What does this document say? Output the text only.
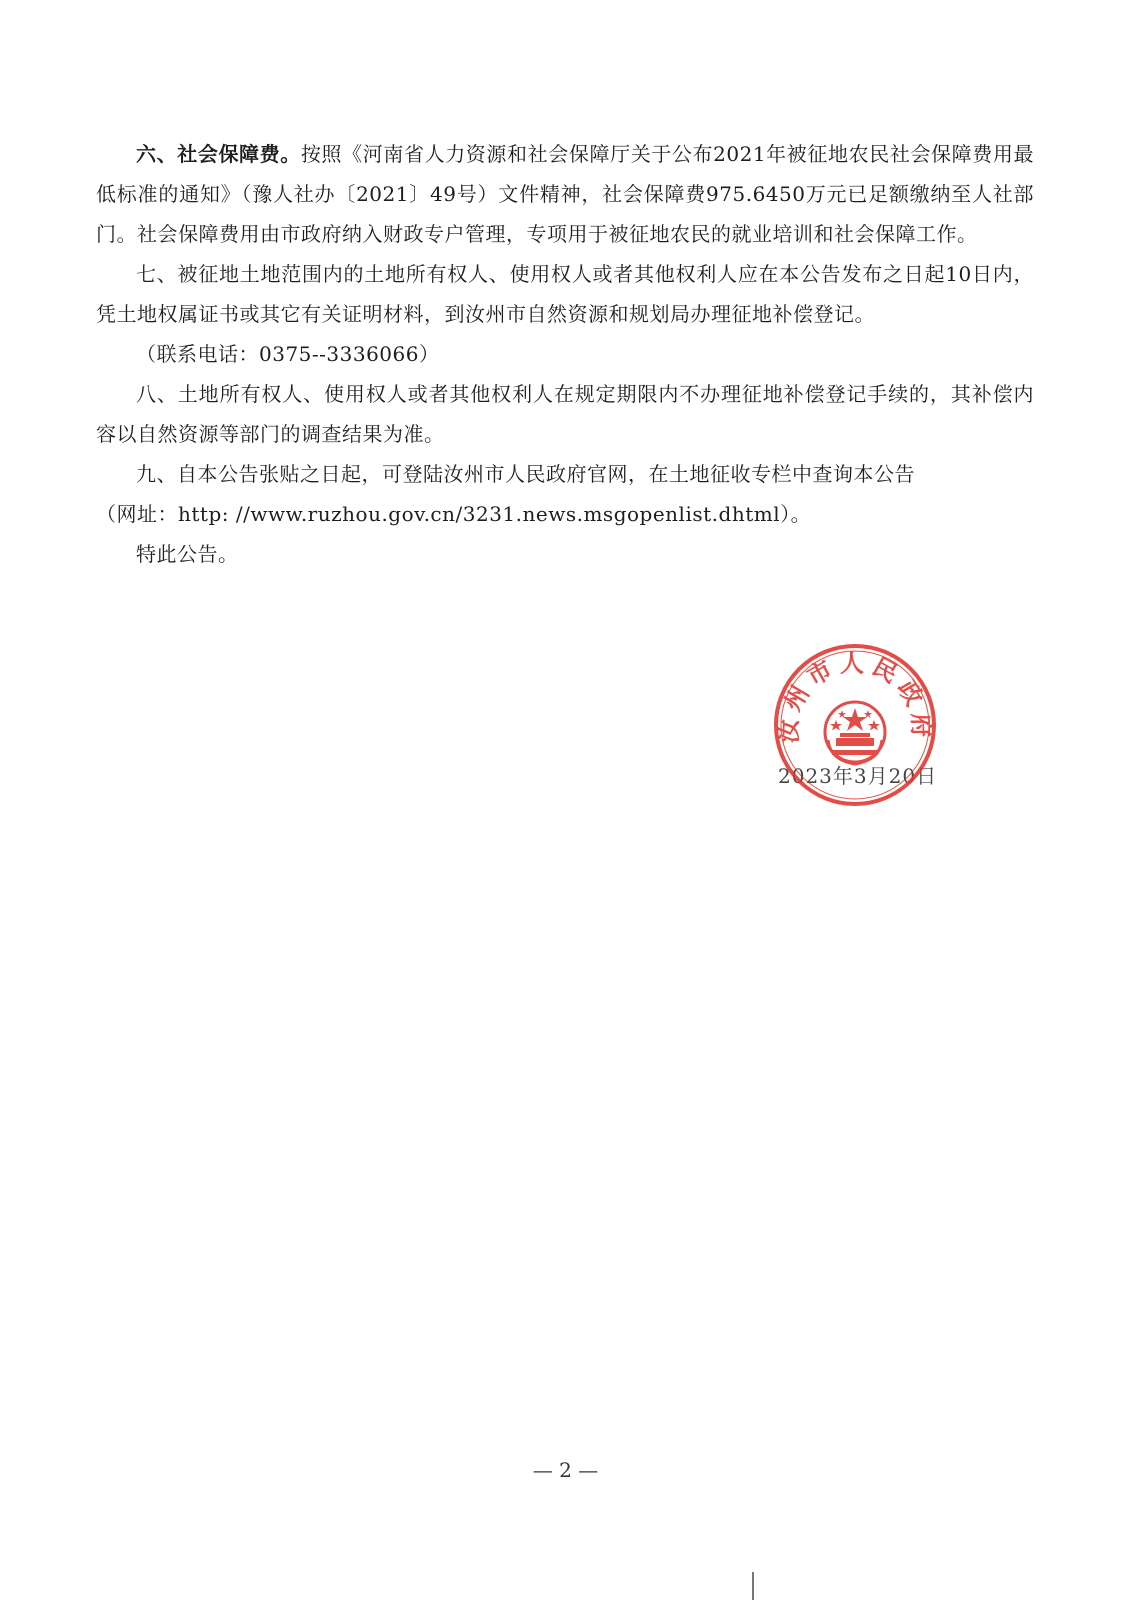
六、社会保障费。按照《河南省人力资源和社会保障厅关于公布2021年被征地农民社会保障费用最低标准的通知》（豫人社办〔2021〕49号）文件精神，社会保障费975.6450万元已足额缴纳至人社部门。社会保障费用由市政府纳入财政专户管理，专项用于被征地农民的就业培训和社会保障工作。

七、被征地土地范围内的土地所有权人、使用权人或者其他权利人应在本公告发布之日起10日内，凭土地权属证书或其它有关证明材料，到汝州市自然资源和规划局办理征地补偿登记。

（联系电话：0375--3336066）

八、土地所有权人、使用权人或者其他权利人在规定期限内不办理征地补偿登记手续的，其补偿内容以自然资源等部门的调查结果为准。

九、自本公告张贴之日起，可登陆汝州市人民政府官网，在土地征收专栏中查询本公告

（网址：http: //www.ruzhou.gov.cn/3231.news.msgopenlist.dhtml）。

特此公告。

2023年3月20日
汝州市人民政府
— 2 —
